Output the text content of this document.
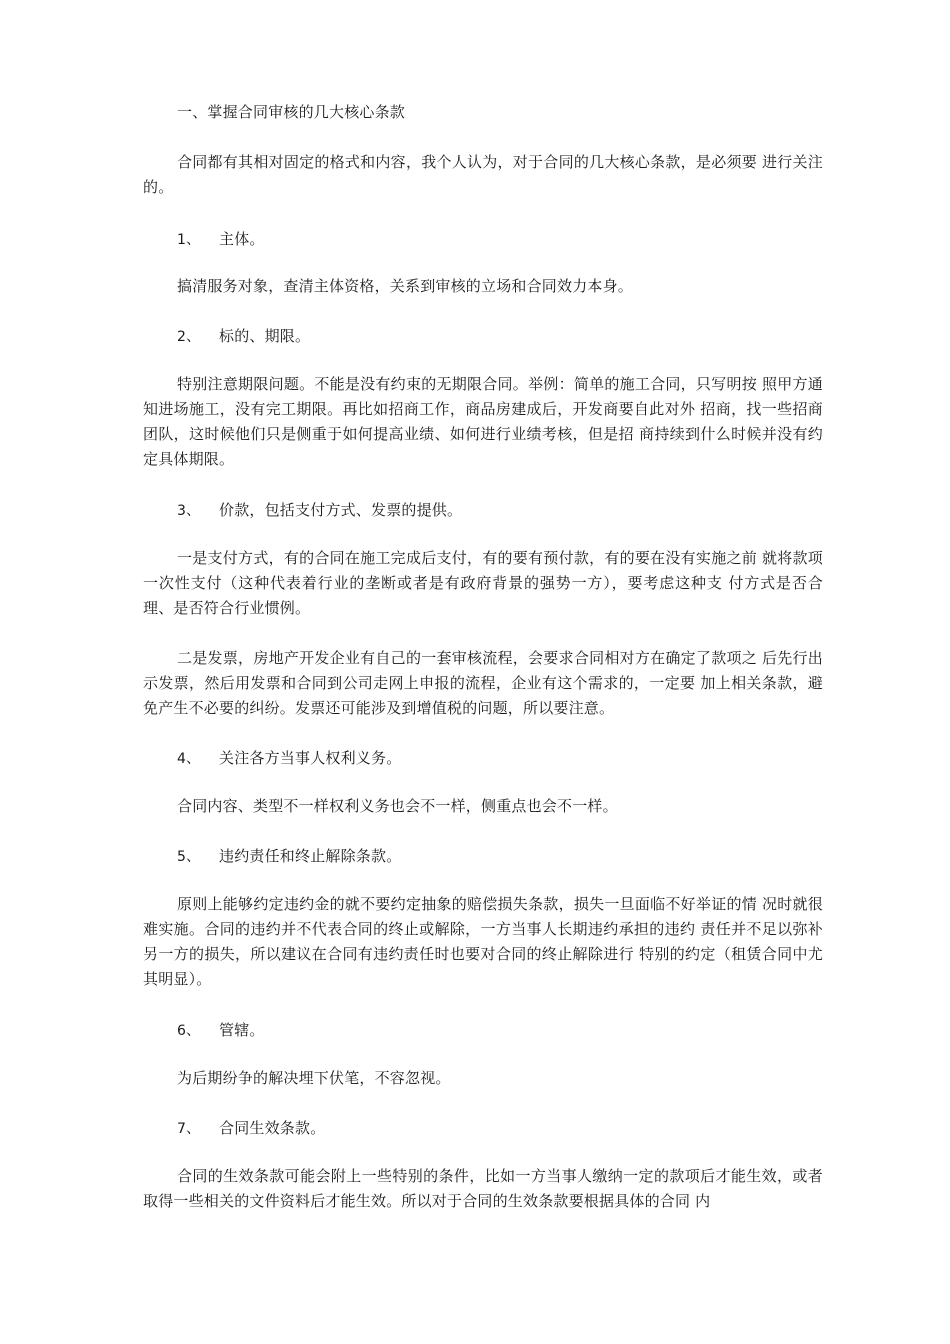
一、掌握合同审核的几大核心条款
合同都有其相对固定的格式和内容，我个人认为，对于合同的几大核心条款，是必须要 进行关注的。
1、 主体。
搞清服务对象，查清主体资格，关系到审核的立场和合同效力本身。
2、 标的、期限。
特别注意期限问题。不能是没有约束的无期限合同。举例：简单的施工合同，只写明按 照甲方通知进场施工，没有完工期限。再比如招商工作，商品房建成后，开发商要自此对外 招商，找一些招商团队，这时候他们只是侧重于如何提高业绩、如何进行业绩考核，但是招 商持续到什么时候并没有约定具体期限。
3、 价款，包括支付方式、发票的提供。
一是支付方式，有的合同在施工完成后支付，有的要有预付款，有的要在没有实施之前 就将款项一次性支付（这种代表着行业的垄断或者是有政府背景的强势一方），要考虑这种支 付方式是否合理、是否符合行业惯例。
二是发票，房地产开发企业有自己的一套审核流程，会要求合同相对方在确定了款项之 后先行出示发票，然后用发票和合同到公司走网上申报的流程，企业有这个需求的，一定要 加上相关条款，避免产生不必要的纠纷。发票还可能涉及到增值税的问题，所以要注意。
4、 关注各方当事人权利义务。
合同内容、类型不一样权利义务也会不一样，侧重点也会不一样。
5、 违约责任和终止解除条款。
原则上能够约定违约金的就不要约定抽象的赔偿损失条款，损失一旦面临不好举证的情 况时就很难实施。合同的违约并不代表合同的终止或解除，一方当事人长期违约承担的违约 责任并不足以弥补另一方的损失，所以建议在合同有违约责任时也要对合同的终止解除进行 特别的约定（租赁合同中尤其明显）。
6、 管辖。
为后期纷争的解决埋下伏笔，不容忽视。
7、 合同生效条款。
合同的生效条款可能会附上一些特别的条件，比如一方当事人缴纳一定的款项后才能生效，或者取得一些相关的文件资料后才能生效。所以对于合同的生效条款要根据具体的合同 内
